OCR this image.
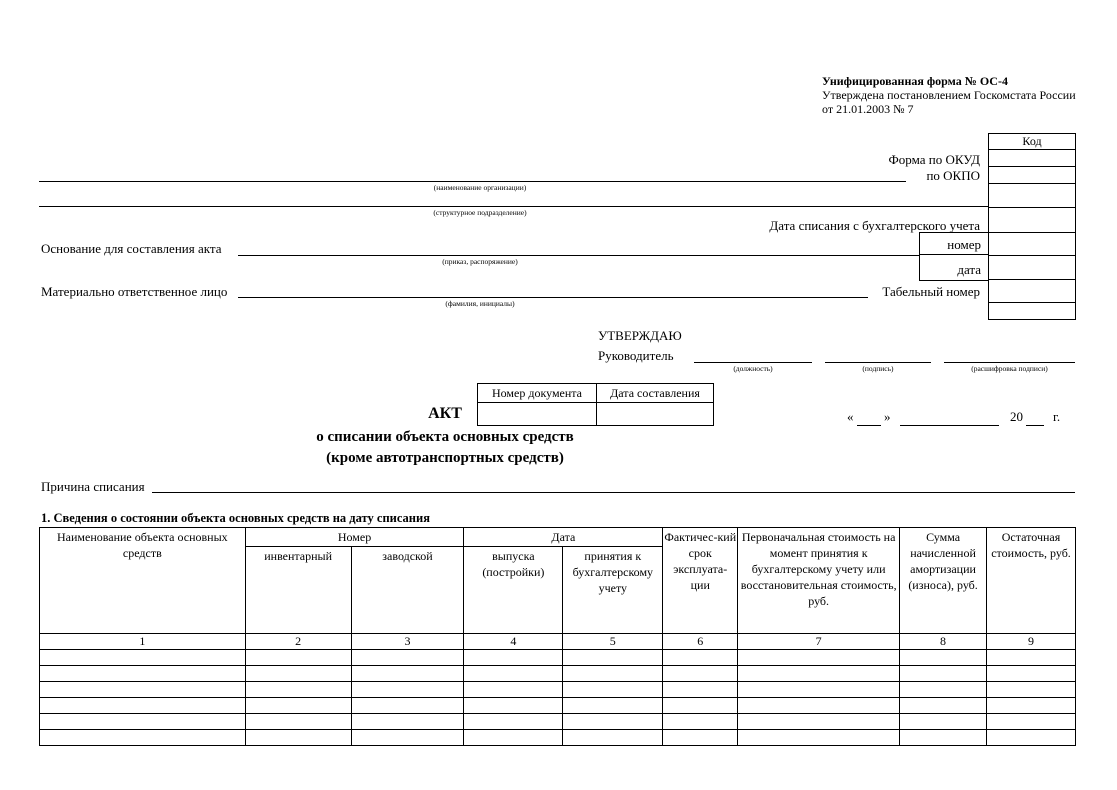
Унифицированная форма № ОС-4
Утверждена постановлением Госкомстата России
от 21.01.2003 № 7
Код

Форма по ОКУД
по ОКПО
(наименование организации)
(структурное подразделение)
Дата списания с бухгалтерского учета
Основание для составления акта
(приказ, распоряжение)
номер
дата
Материально ответственное лицо
(фамилия, инициалы)
Табельный номер
УТВЕРЖДАЮ
Руководитель
(должность)	(подпись)	(расшифровка подписи)
Номер документа	Дата составления

АКТ
о списании объекта основных средств
(кроме автотранспортных средств)
« »	20 г.
Причина списания
1. Сведения о состоянии объекта основных средств на дату списания
Наименование объекта основных средств	Номер		Дата		Фактичес-кий срок эксплуата-ции	Первоначальная стоимость на момент принятия к бухгалтерскому учету или восстановительная стоимость, руб.	Сумма начисленной амортизации (износа), руб.	Остаточная стоимость, руб.
	инвентарный	заводской	выпуска (постройки)	принятия к бухгалтерскому учету				
1	2	3	4	5	6	7	8	9
